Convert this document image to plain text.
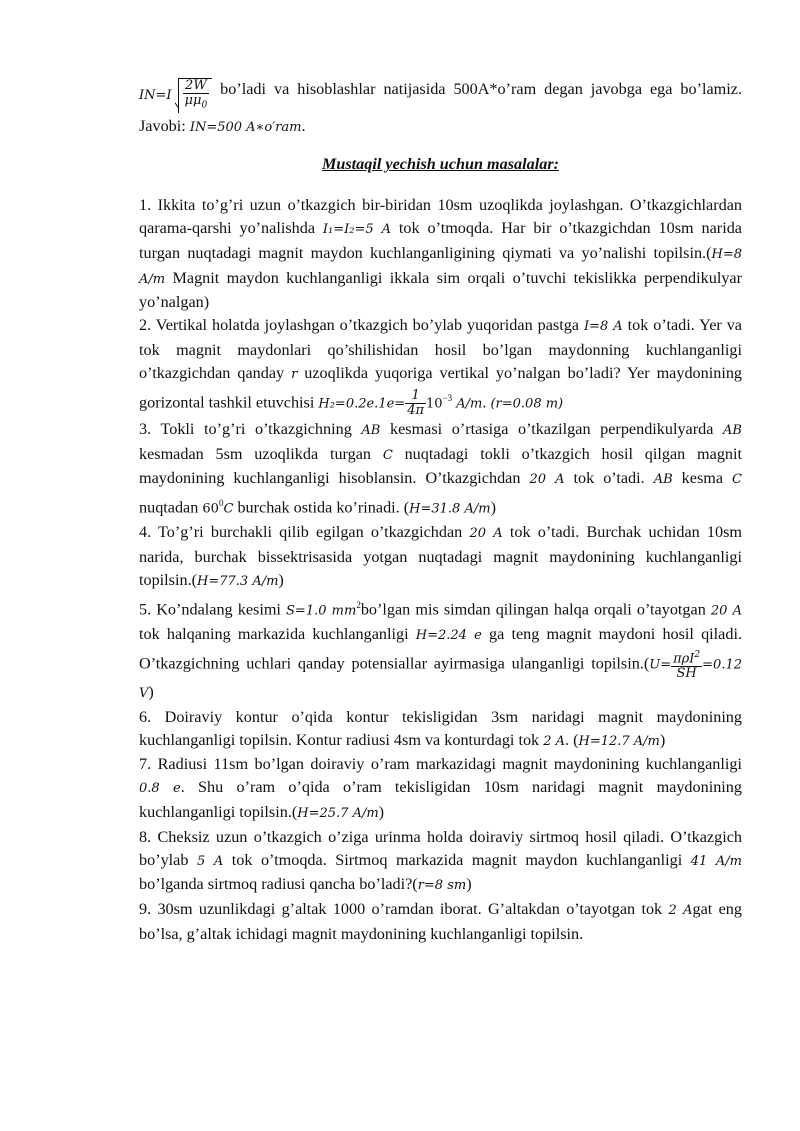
$IN=I \frac{2W}{\mu\mu_0}$ bo’ladi va hisoblashlar natijasida 500A*o’ram degan javobga ega bo’lamiz. Javobi: IN=500 A∗o′ram.

Mustaqil yechish uchun masalalar:

1. Ikkita to’g’ri uzun o’tkazgich bir-biridan 10sm uzoqlikda joylashgan. O’tkazgichlardan qarama-qarshi yo’nalishda I₁=I₂=5 A tok o’tmoqda. Har bir o’tkazgichdan 10sm narida turgan nuqtadagi magnit maydon kuchlanganligining qiymati va yo’nalishi topilsin.(H=8 A/m Magnit maydon kuchlanganligi ikkala sim orqali o’tuvchi tekislikka perpendikulyar yo’nalgan)

2. Vertikal holatda joylashgan o’tkazgich bo’ylab yuqoridan pastga I=8 A tok o’tadi. Yer va tok magnit maydonlari qo’shilishidan hosil bo’lgan maydonning kuchlanganligi o’tkazgichdan qanday r uzoqlikda yuqoriga vertikal yo’nalgan bo’ladi? Yer maydonining gorizontal tashkil etuvchisi $H_2=0.2e.1e= \frac{1}{4\pi} 10^{-3}$ A/m. (r=0.08 m)

3. Tokli to’g’ri o’tkazgichning AB kesmasi o’rtasiga o’tkazilgan perpendikulyarda AB kesmadan 5sm uzoqlikda turgan C nuqtadagi tokli o’tkazgich hosil qilgan magnit maydonining kuchlanganligi hisoblansin. O’tkazgichdan 20 A tok o’tadi. AB kesma C nuqtadan $60^0C$ burchak ostida ko’rinadi. (H=31.8 A/m)

4. To’g’ri burchakli qilib egilgan o’tkazgichdan 20 A tok o’tadi. Burchak uchidan 10sm narida, burchak bissektrisasida yotgan nuqtadagi magnit maydonining kuchlanganligi topilsin.(H=77.3 A/m)

5. Ko’ndalang kesimi S=1.0 $mm^2bo’lgan$ mis simdan qilingan halqa orqali o’tayotgan 20 A tok halqaning markazida kuchlanganligi H=2.24 e ga teng magnit maydoni hosil qiladi. O’tkazgichning uchlari qanday potensiallar ayirmasiga ulanganligi topilsin.(U= $\frac{\pi\rho I^2}{SH} =0.12$ V)

6. Doiraviy kontur o’qida kontur tekisligidan 3sm naridagi magnit maydonining kuchlanganligi topilsin. Kontur radiusi 4sm va konturdagi tok 2 A. (H=12.7 A/m)

7. Radiusi 11sm bo’lgan doiraviy o’ram markazidagi magnit maydonining kuchlanganligi 0.8 e. Shu o’ram o’qida o’ram tekisligidan 10sm naridagi magnit maydonining kuchlanganligi topilsin.(H=25.7 A/m)

8. Cheksiz uzun o’tkazgich o’ziga urinma holda doiraviy sirtmoq hosil qiladi. O’tkazgich bo’ylab 5 A tok o’tmoqda. Sirtmoq markazida magnit maydon kuchlanganligi 41 A/m bo’lganda sirtmoq radiusi qancha bo’ladi?(r=8 sm)

9. 30sm uzunlikdagi g’altak 1000 o’ramdan iborat. G’altakdan o’tayotgan tok 2 Agat eng bo’lsa, g’altak ichidagi magnit maydonining kuchlanganligi topilsin.
